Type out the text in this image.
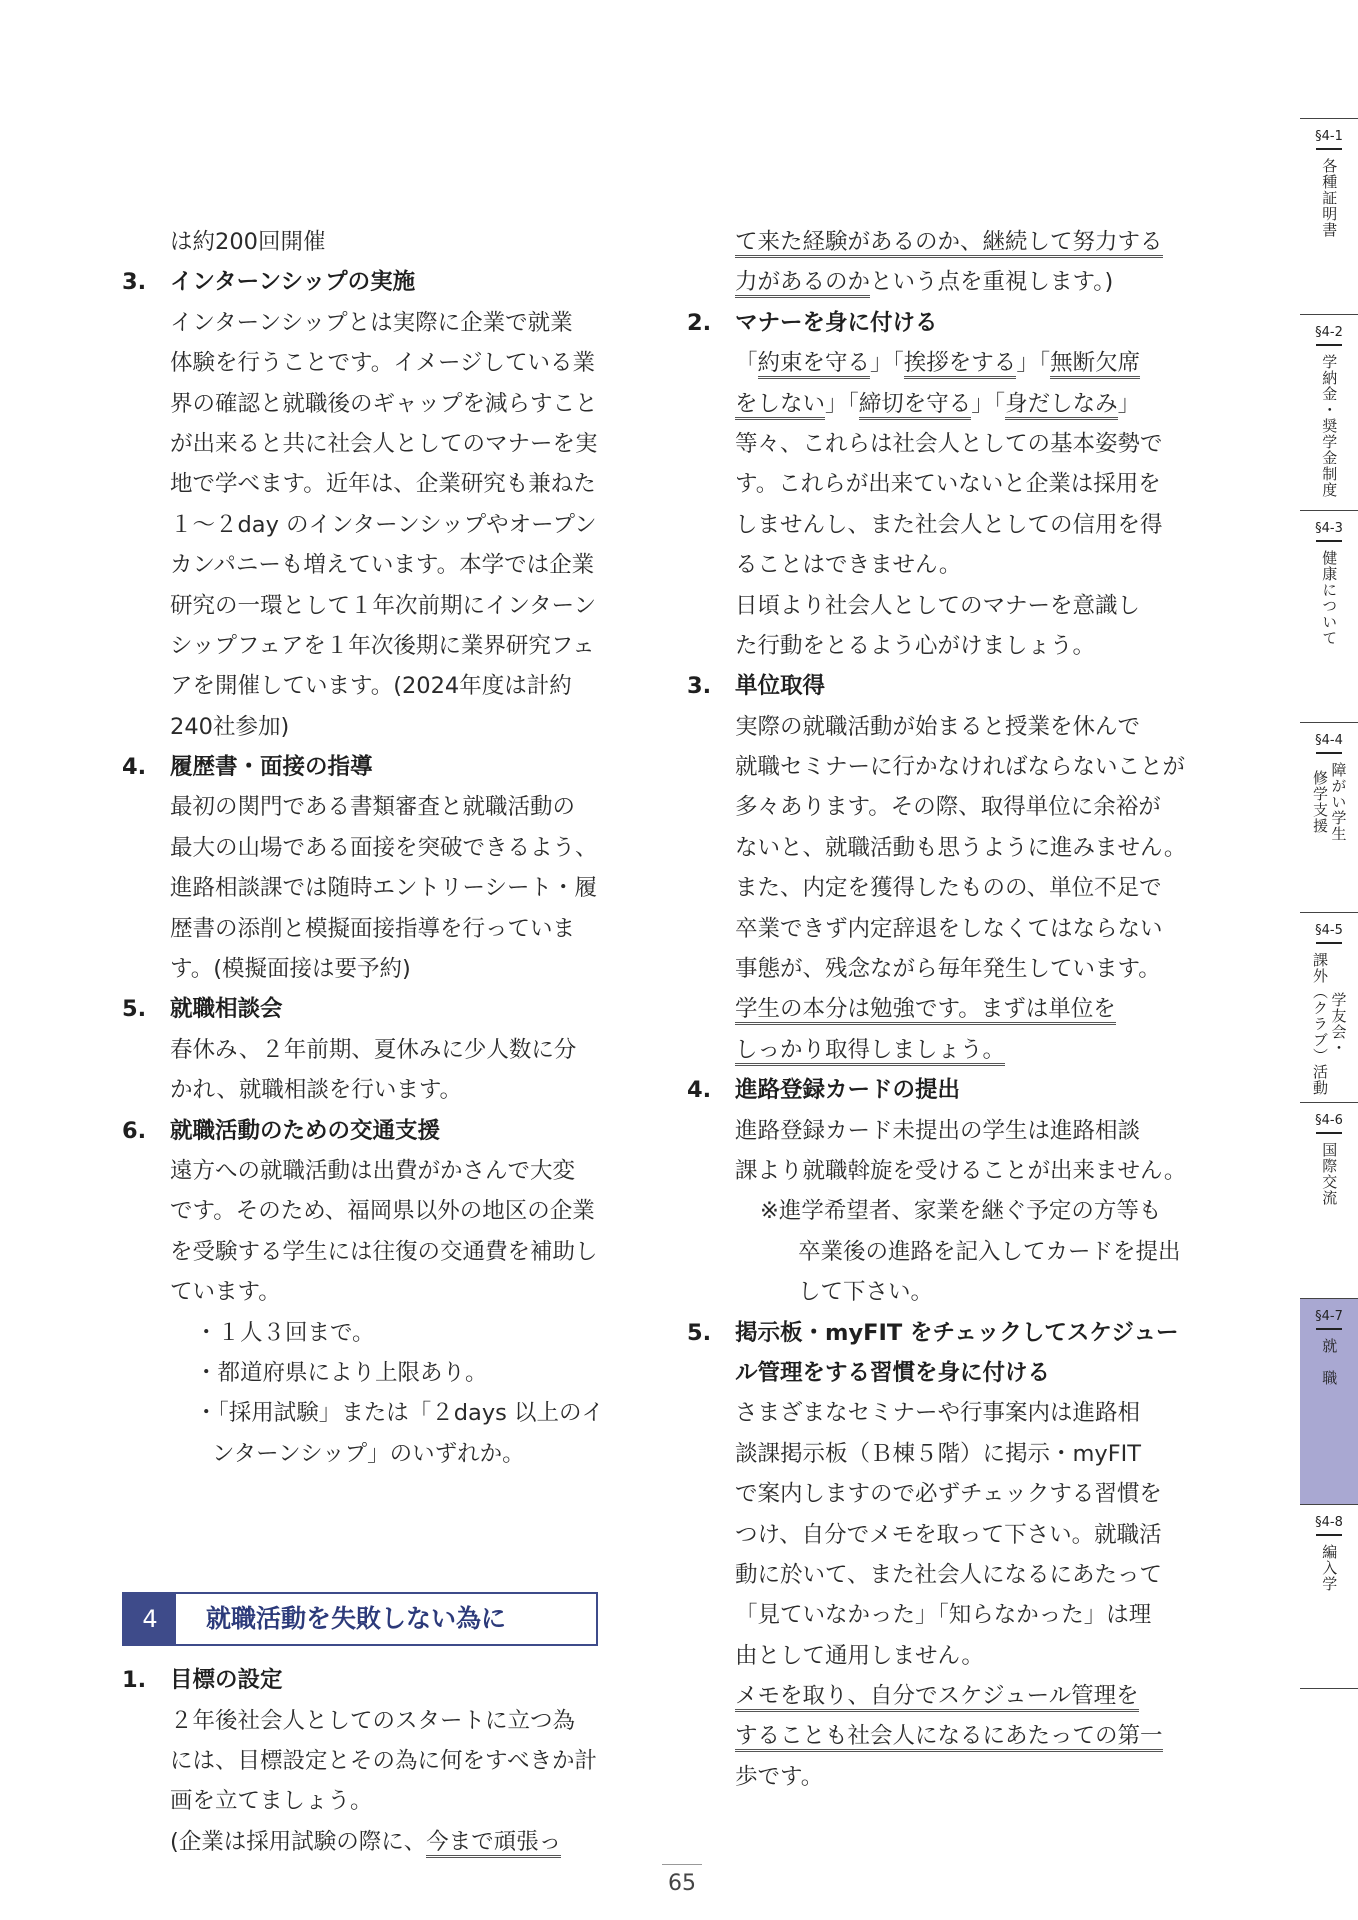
は約200回開催
3. インターンシップの実施
インターンシップとは実際に企業で就業
体験を行うことです。イメージしている業
界の確認と就職後のギャップを減らすこと
が出来ると共に社会人としてのマナーを実
地で学べます。近年は、企業研究も兼ねた
１～２day のインターンシップやオープン
カンパニーも増えています。本学では企業
研究の一環として１年次前期にインターン
シップフェアを１年次後期に業界研究フェ
アを開催しています。(2024年度は計約
240社参加)
4. 履歴書・面接の指導
最初の関門である書類審査と就職活動の
最大の山場である面接を突破できるよう、
進路相談課では随時エントリーシート・履
歴書の添削と模擬面接指導を行っていま
す。(模擬面接は要予約)
5. 就職相談会
春休み、２年前期、夏休みに少人数に分
かれ、就職相談を行います。
6. 就職活動のための交通支援
遠方への就職活動は出費がかさんで大変
です。そのため、福岡県以外の地区の企業
を受験する学生には往復の交通費を補助し
ています。
・１人３回まで。
・都道府県により上限あり。
・「採用試験」または「２days 以上のイ
ンターンシップ」のいずれか。
4	就職活動を失敗しない為に
1. 目標の設定
２年後社会人としてのスタートに立つ為
には、目標設定とその為に何をすべきか計
画を立てましょう。
(企業は採用試験の際に、今まで頑張っ
て来た経験があるのか、継続して努力する
力があるのかという点を重視します。)
2. マナーを身に付ける
「約束を守る」「挨拶をする」「無断欠席
をしない」「締切を守る」「身だしなみ」
等々、これらは社会人としての基本姿勢で
す。これらが出来ていないと企業は採用を
しませんし、また社会人としての信用を得
ることはできません。
日頃より社会人としてのマナーを意識し
た行動をとるよう心がけましょう。
3. 単位取得
実際の就職活動が始まると授業を休んで
就職セミナーに行かなければならないことが
多々あります。その際、取得単位に余裕が
ないと、就職活動も思うように進みません。
また、内定を獲得したものの、単位不足で
卒業できず内定辞退をしなくてはならない
事態が、残念ながら毎年発生しています。
学生の本分は勉強です。まずは単位を
しっかり取得しましょう。
4. 進路登録カードの提出
進路登録カード未提出の学生は進路相談
課より就職斡旋を受けることが出来ません。
※進学希望者、家業を継ぐ予定の方等も
卒業後の進路を記入してカードを提出
して下さい。
5. 掲示板・myFIT をチェックしてスケジュー
ル管理をする習慣を身に付ける
さまざまなセミナーや行事案内は進路相
談課掲示板（Ｂ棟５階）に掲示・myFIT
で案内しますので必ずチェックする習慣を
つけ、自分でメモを取って下さい。就職活
動に於いて、また社会人になるにあたって
「見ていなかった」「知らなかった」は理
由として通用しません。
メモを取り、自分でスケジュール管理を
することも社会人になるにあたっての第一
歩です。
§4-1
各種証明書
§4-2
学納金・奨学金制度
§4-3
健康について
§4-4
障がい学生
修学支援
§4-5
学友会・
課外（クラブ）活動
§4-6
国際交流
§4-7
就　職
§4-8
編入学
65
